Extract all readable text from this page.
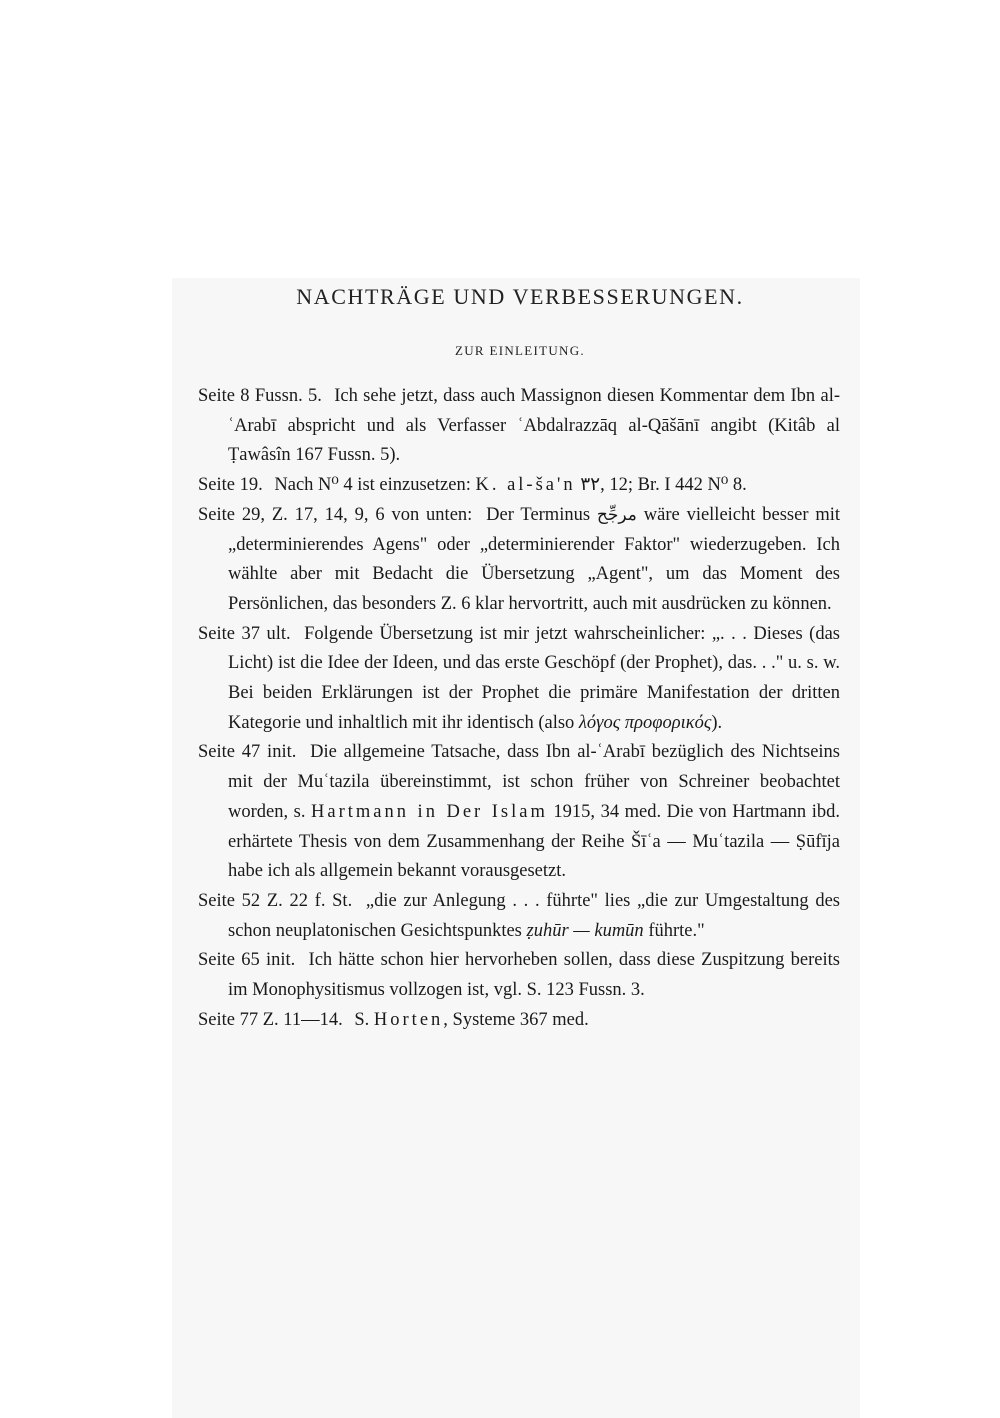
NACHTRÄGE UND VERBESSERUNGEN.
ZUR EINLEITUNG.
Seite 8 Fussn. 5. Ich sehe jetzt, dass auch Massignon diesen Kommentar dem Ibn al-ʿArabī abspricht und als Verfasser ʿAbdalrazzāq al-Qāšānī angibt (Kitâb al Ṭawâsîn 167 Fussn. 5).
Seite 19. Nach N⁰ 4 ist einzusetzen: K. al-ša'n ٣٢, 12; Br. I 442 N⁰ 8.
Seite 29, Z. 17, 14, 9, 6 von unten: Der Terminus مرجِّح wäre vielleicht besser mit „determinierendes Agens" oder „determinierender Faktor" wiederzugeben. Ich wählte aber mit Bedacht die Übersetzung „Agent", um das Moment des Persönlichen, das besonders Z. 6 klar hervortritt, auch mit ausdrücken zu können.
Seite 37 ult. Folgende Übersetzung ist mir jetzt wahrscheinlicher: „. . . Dieses (das Licht) ist die Idee der Ideen, und das erste Geschöpf (der Prophet), das. . ." u. s. w. Bei beiden Erklärungen ist der Prophet die primäre Manifestation der dritten Kategorie und inhaltlich mit ihr identisch (also λόγος προφορικός).
Seite 47 init. Die allgemeine Tatsache, dass Ibn al-ʿArabī bezüglich des Nichtseins mit der Muʿtazila übereinstimmt, ist schon früher von Schreiner beobachtet worden, s. Hartmann in Der Islam 1915, 34 med. Die von Hartmann ibd. erhärtete Thesis von dem Zusammenhang der Reihe Šīʿa — Muʿtazila — Ṣūfīja habe ich als allgemein bekannt vorausgesetzt.
Seite 52 Z. 22 f. St. „die zur Anlegung . . . führte" lies „die zur Umgestaltung des schon neuplatonischen Gesichtspunktes ẓuhūr — kumūn führte."
Seite 65 init. Ich hätte schon hier hervorheben sollen, dass diese Zuspitzung bereits im Monophysitismus vollzogen ist, vgl. S. 123 Fussn. 3.
Seite 77 Z. 11—14. S. Horten, Systeme 367 med.
